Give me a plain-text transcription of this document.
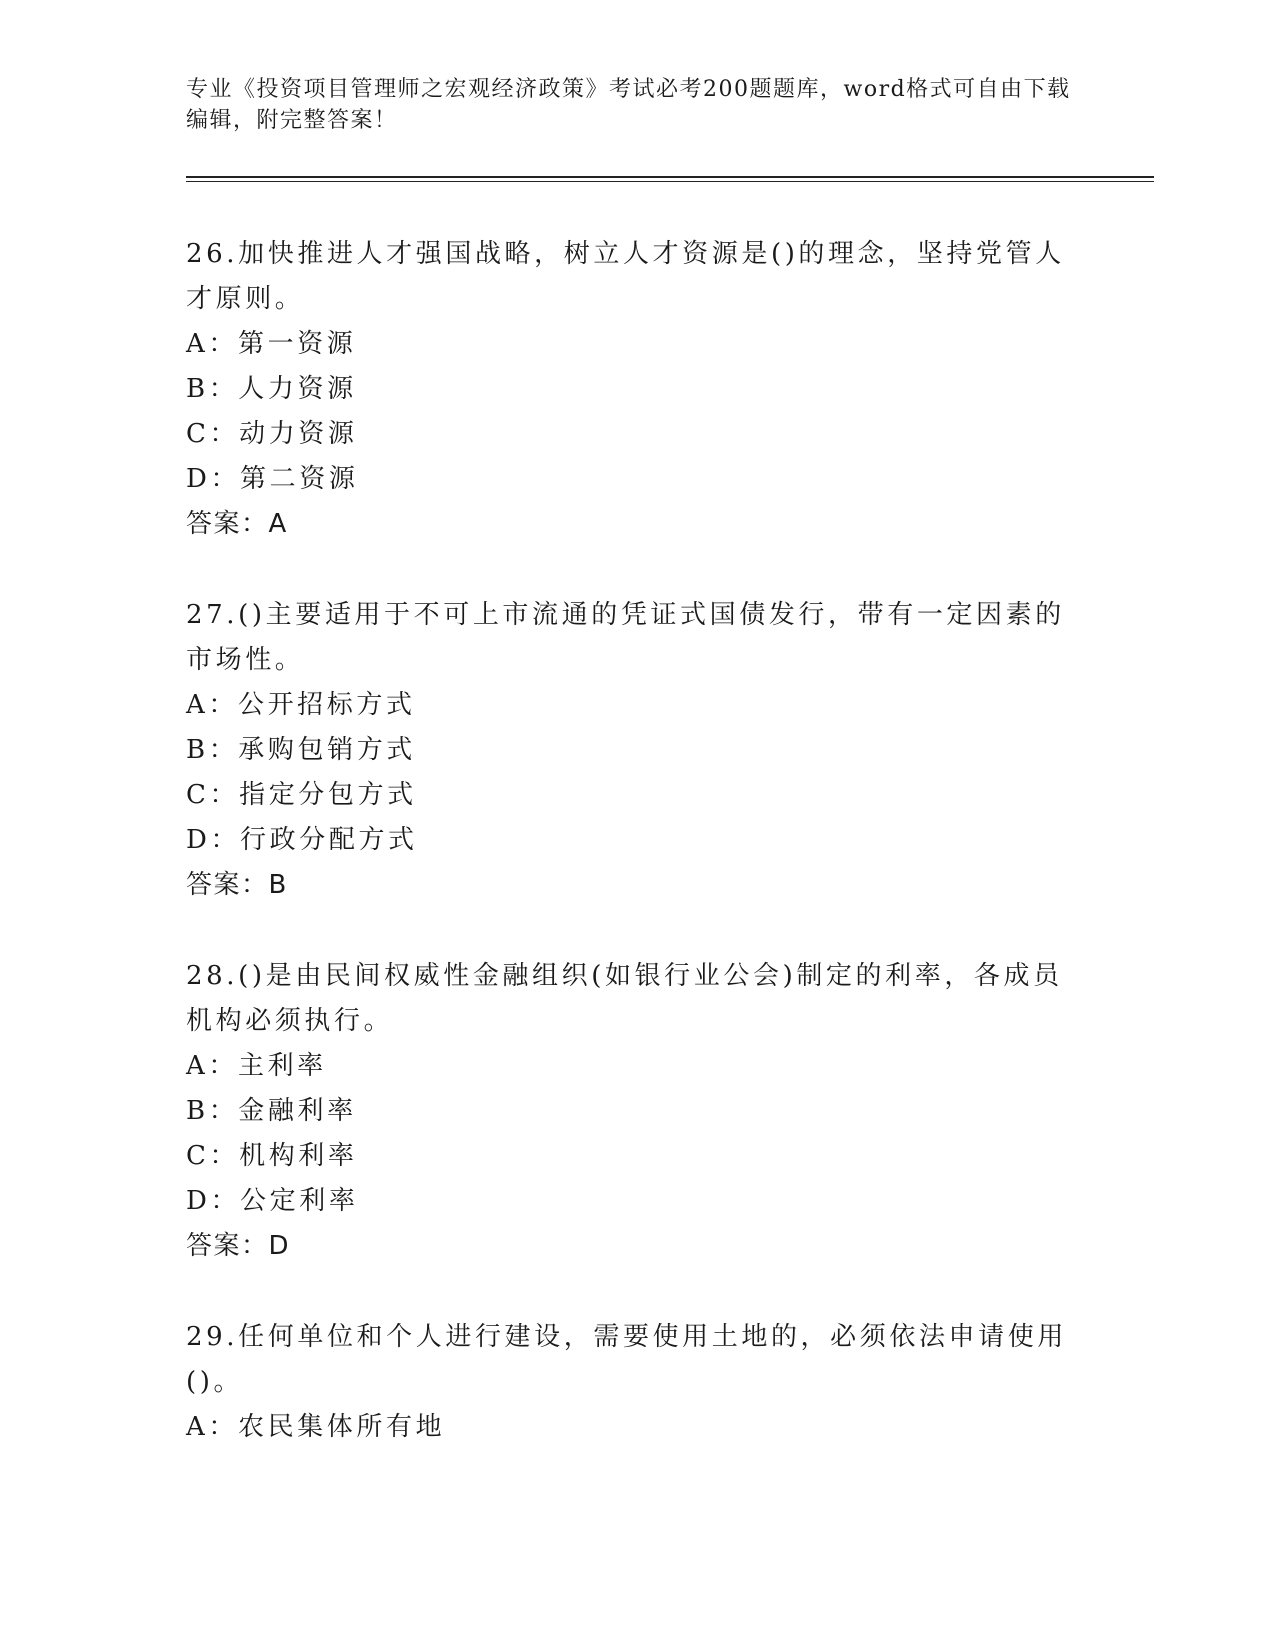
专业《投资项目管理师之宏观经济政策》考试必考200题题库，word格式可自由下载编辑，附完整答案！

26.加快推进人才强国战略，树立人才资源是()的理念，坚持党管人才原则。

A：第一资源

B：人力资源

C：动力资源

D：第二资源

答案：A

27.()主要适用于不可上市流通的凭证式国债发行，带有一定因素的市场性。

A：公开招标方式

B：承购包销方式

C：指定分包方式

D：行政分配方式

答案：B

28.()是由民间权威性金融组织(如银行业公会)制定的利率，各成员机构必须执行。

A：主利率

B：金融利率

C：机构利率

D：公定利率

答案：D

29.任何单位和个人进行建设，需要使用土地的，必须依法申请使用()。

A：农民集体所有地
